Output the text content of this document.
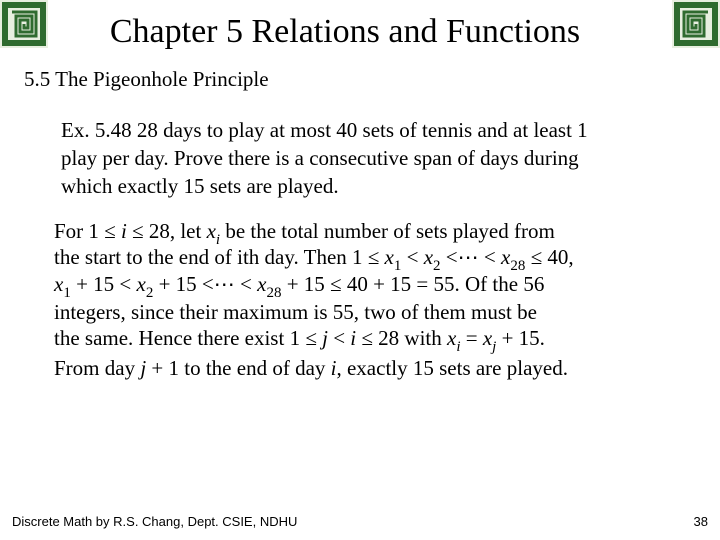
Chapter 5 Relations and Functions
5.5 The Pigeonhole Principle
Ex. 5.48 28 days to play at most 40 sets of tennis and at least 1
play per day. Prove there is a consecutive span of days during
which exactly 15 sets are played.
For 1 ≤ i ≤ 28, let $x_i$ be the total number of sets played from
the start to the end of ith day. Then $1 \le x_1 < x_2$ <⋯ < $x_{28} \le 40$,
$x_1 + 15 < x_2 + 15$ <⋯ < $x_{28} + 15 \le 40 + 15 = 55$. Of the 56
integers, since their maximum is 55, two of them must be
the same. Hence there exist 1 ≤ j < i ≤ 28 with $x_i = x_j + 15$.
From day j + 1 to the end of day i, exactly 15 sets are played.
Discrete Math by R.S. Chang, Dept. CSIE, NDHU	38
